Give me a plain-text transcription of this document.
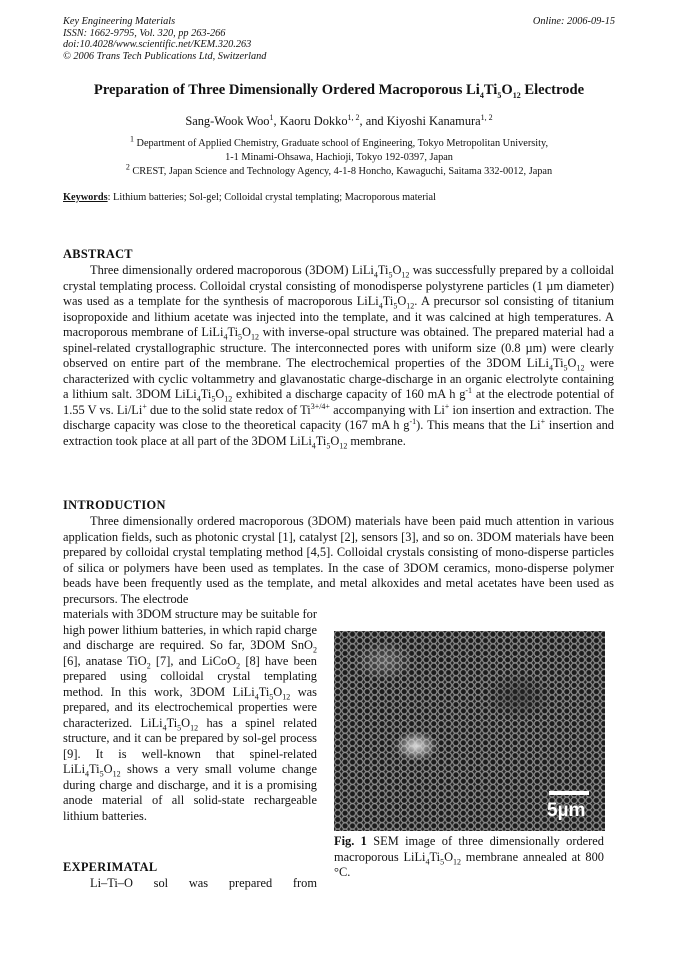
Key Engineering Materials
ISSN: 1662-9795, Vol. 320, pp 263-266
doi:10.4028/www.scientific.net/KEM.320.263
© 2006 Trans Tech Publications Ltd, Switzerland
Online: 2006-09-15
Preparation of Three Dimensionally Ordered Macroporous $Li_4Ti_5O_{12}$ Electrode
Sang-Wook Woo$^1$, Kaoru Dokko$^{1, 2}$, and Kiyoshi Kanamura$^{1, 2}$
$^1$ Department of Applied Chemistry, Graduate school of Engineering, Tokyo Metropolitan University,
1-1 Minami-Ohsawa, Hachioji, Tokyo 192-0397, Japan
$^2$ CREST, Japan Science and Technology Agency, 4-1-8 Honcho, Kawaguchi, Saitama 332-0012, Japan
Keywords: Lithium batteries; Sol-gel; Colloidal crystal templating; Macroporous material
ABSTRACT

Three dimensionally ordered macroporous (3DOM) $LiLi_4Ti_5O_{12}$ was successfully prepared by a colloidal crystal templating process. Colloidal crystal consisting of monodisperse polystyrene particles (1 µm diameter) was used as a template for the synthesis of macroporous $LiLi_4Ti_5O_{12}$. A precursor sol consisting of titanium isopropoxide and lithium acetate was injected into the template, and it was calcined at high temperatures. A macroporous membrane of $LiLi_4Ti_5O_{12}$ with inverse-opal structure was obtained. The prepared material had a spinel-related crystallographic structure. The interconnected pores with uniform size (0.8 µm) were clearly observed on entire part of the membrane. The electrochemical properties of the 3DOM $LiLi_4Ti_5O_{12}$ were characterized with cyclic voltammetry and glavanostatic charge-discharge in an organic electrolyte containing a lithium salt. 3DOM $LiLi_4Ti_5O_{12}$ exhibited a discharge capacity of 160 mA h $g^{-1}$ at the electrode potential of 1.55 V vs. Li/Li+ due to the solid state redox of $Ti^{3+/4+}$ accompanying with Li+ ion insertion and extraction. The discharge capacity was close to the theoretical capacity (167 mA h $g^{-1}$). This means that the Li+ insertion and extraction took place at all part of the 3DOM $LiLi_4Ti_5O_{12}$ membrane.

INTRODUCTION

Three dimensionally ordered macroporous (3DOM) materials have been paid much attention in various application fields, such as photonic crystal [1], catalyst [2], sensors [3], and so on. 3DOM materials have been prepared by colloidal crystal templating method [4,5]. Colloidal crystals consisting of mono-disperse particles of silica or polymers have been used as templates. In the case of 3DOM ceramics, mono-disperse polymer beads have been frequently used as the template, and metal alkoxides and metal acetates have been used as precursors. The electrode

materials with 3DOM structure may be suitable for high power lithium batteries, in which rapid charge and discharge are required. So far, 3DOM SnO$_2$ [6], anatase TiO$_2$ [7], and LiCoO$_2$ [8] have been prepared using colloidal crystal templating method. In this work, 3DOM $LiLi_4Ti_5O_{12}$ was prepared, and its electrochemical properties were characterized. $LiLi_4Ti_5O_{12}$ has a spinel related structure, and it can be prepared by sol-gel process [9]. It is well-known that spinel-related $LiLi_4Ti_5O_{12}$ shows a very small volume change during charge and discharge, and it is a promising anode material of all solid-state rechargeable lithium batteries.

EXPERIMATAL

Li–Ti–O sol was prepared from

5µm

Fig. 1 SEM image of three dimensionally ordered macroporous $LiLi_4Ti_5O_{12}$ membrane annealed at 800 °C.
